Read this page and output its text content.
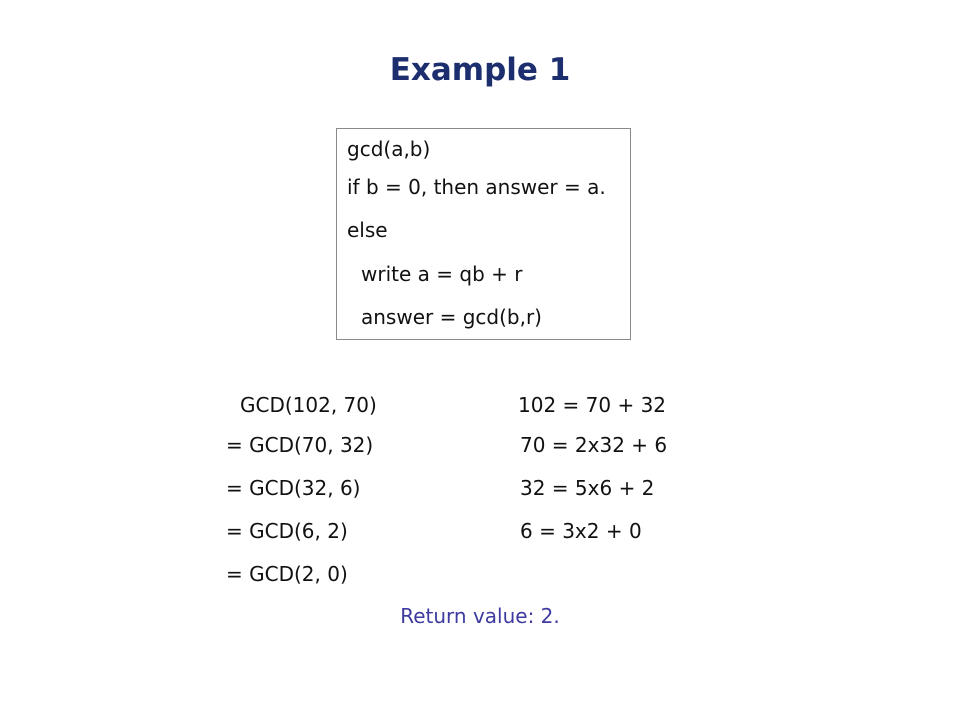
Example 1
gcd(a,b)
if b = 0, then answer = a.
else
write a = qb + r
answer = gcd(b,r)
GCD(102, 70)
= GCD(70, 32)
= GCD(32, 6)
= GCD(6, 2)
= GCD(2, 0)
102 = 70 + 32
70 = 2x32 + 6
32 = 5x6 + 2
6 = 3x2 + 0
Return value: 2.
